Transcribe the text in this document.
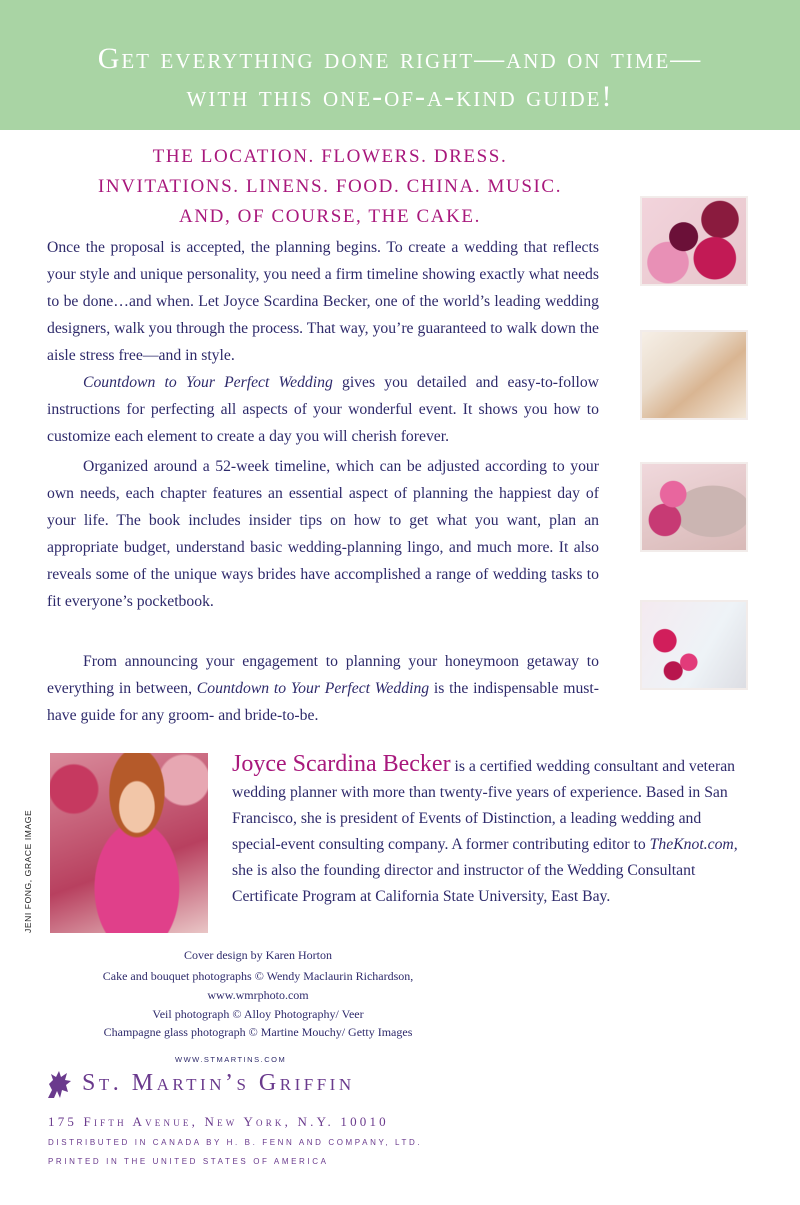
Get everything done right—and on time—
with this one-of-a-kind guide!
THE LOCATION. FLOWERS. DRESS.
INVITATIONS. LINENS. FOOD. CHINA. MUSIC.
AND, OF COURSE, THE CAKE.

Once the proposal is accepted, the planning begins. To create a wedding that reflects your style and unique personality, you need a firm timeline showing exactly what needs to be done…and when. Let Joyce Scardina Becker, one of the world’s leading wedding designers, walk you through the process. That way, you’re guaranteed to walk down the aisle stress free—and in style.

Countdown to Your Perfect Wedding gives you detailed and easy-to-follow instructions for perfecting all aspects of your wonderful event. It shows you how to customize each element to create a day you will cherish forever.

Organized around a 52-week timeline, which can be adjusted according to your own needs, each chapter features an essential aspect of planning the happiest day of your life. The book includes insider tips on how to get what you want, plan an appropriate budget, understand basic wedding-planning lingo, and much more. It also reveals some of the unique ways brides have accomplished a range of wedding tasks to fit everyone’s pocketbook.

From announcing your engagement to planning your honeymoon getaway to everything in between, Countdown to Your Perfect Wedding is the indispensable must-have guide for any groom- and bride-to-be.

JENI FONG, GRACE IMAGE

Joyce Scardina Becker is a certified wedding consultant and veteran wedding planner with more than twenty-five years of experience. Based in San Francisco, she is president of Events of Distinction, a leading wedding and special-event consulting company. A former contributing editor to TheKnot.com, she is also the founding director and instructor of the Wedding Consultant Certificate Program at California State University, East Bay.

Cover design by Karen Horton
Cake and bouquet photographs © Wendy Maclaurin Richardson,
www.wmrphoto.com
Veil photograph © Alloy Photography/ Veer
Champagne glass photograph © Martine Mouchy/ Getty Images
WWW.STMARTINS.COM
St. Martin’s Griffin
175 Fifth Avenue, New York, N.Y. 10010
DISTRIBUTED IN CANADA BY H. B. FENN AND COMPANY, LTD.
PRINTED IN THE UNITED STATES OF AMERICA
